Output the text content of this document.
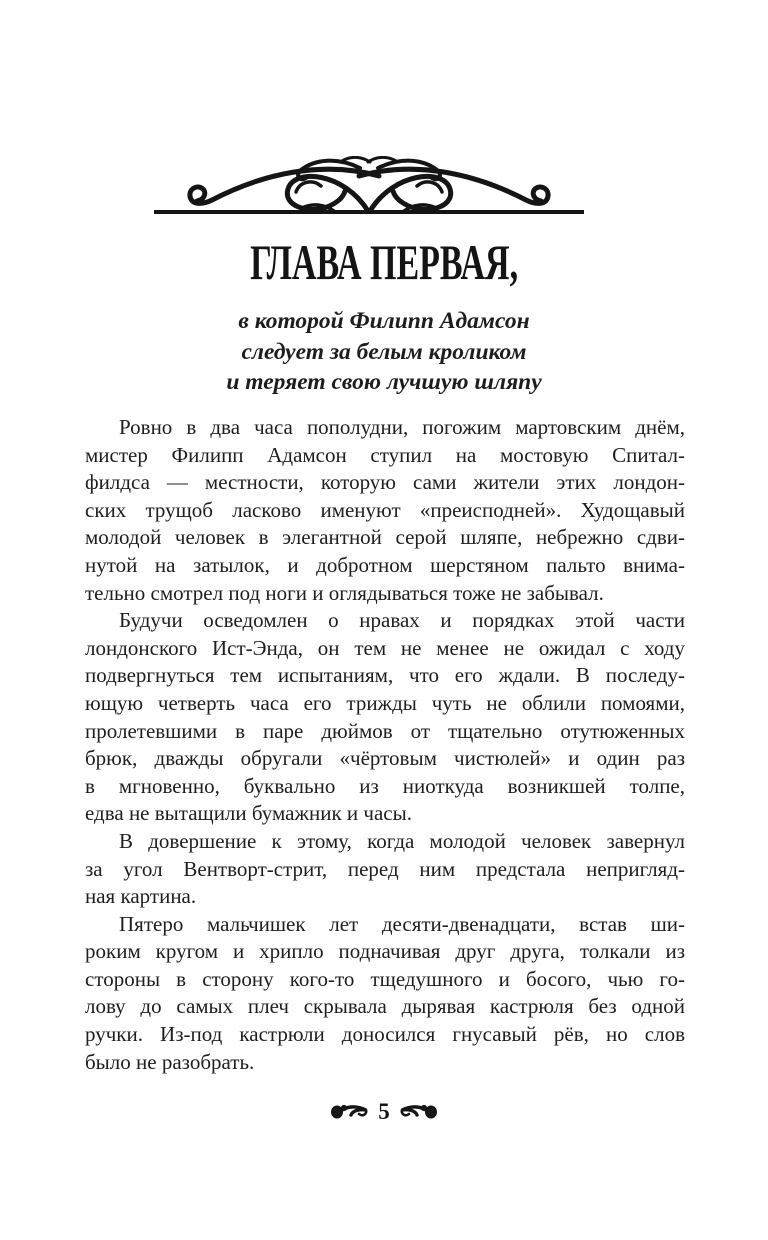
ГЛАВА ПЕРВАЯ,
в которой Филипп Адамсон
следует за белым кроликом
и теряет свою лучшую шляпу
Ровно в два часа пополудни, погожим мартовским днём,
мистер Филипп Адамсон ступил на мостовую Спитал-
филдса — местности, которую сами жители этих лондон-
ских трущоб ласково именуют «преисподней». Худощавый
молодой человек в элегантной серой шляпе, небрежно сдви-
нутой на затылок, и добротном шерстяном пальто внима-
тельно смотрел под ноги и оглядываться тоже не забывал.
Будучи осведомлен о нравах и порядках этой части
лондонского Ист-Энда, он тем не менее не ожидал с ходу
подвергнуться тем испытаниям, что его ждали. В последу-
ющую четверть часа его трижды чуть не облили помоями,
пролетевшими в паре дюймов от тщательно отутюженных
брюк, дважды обругали «чёртовым чистюлей» и один раз
в мгновенно, буквально из ниоткуда возникшей толпе,
едва не вытащили бумажник и часы.
В довершение к этому, когда молодой человек завернул
за угол Вентворт-стрит, перед ним предстала непригляд-
ная картина.
Пятеро мальчишек лет десяти-двенадцати, встав ши-
роким кругом и хрипло подначивая друг друга, толкали из
стороны в сторону кого-то тщедушного и босого, чью го-
лову до самых плеч скрывала дырявая кастрюля без одной
ручки. Из-под кастрюли доносился гнусавый рёв, но слов
было не разобрать.
5
